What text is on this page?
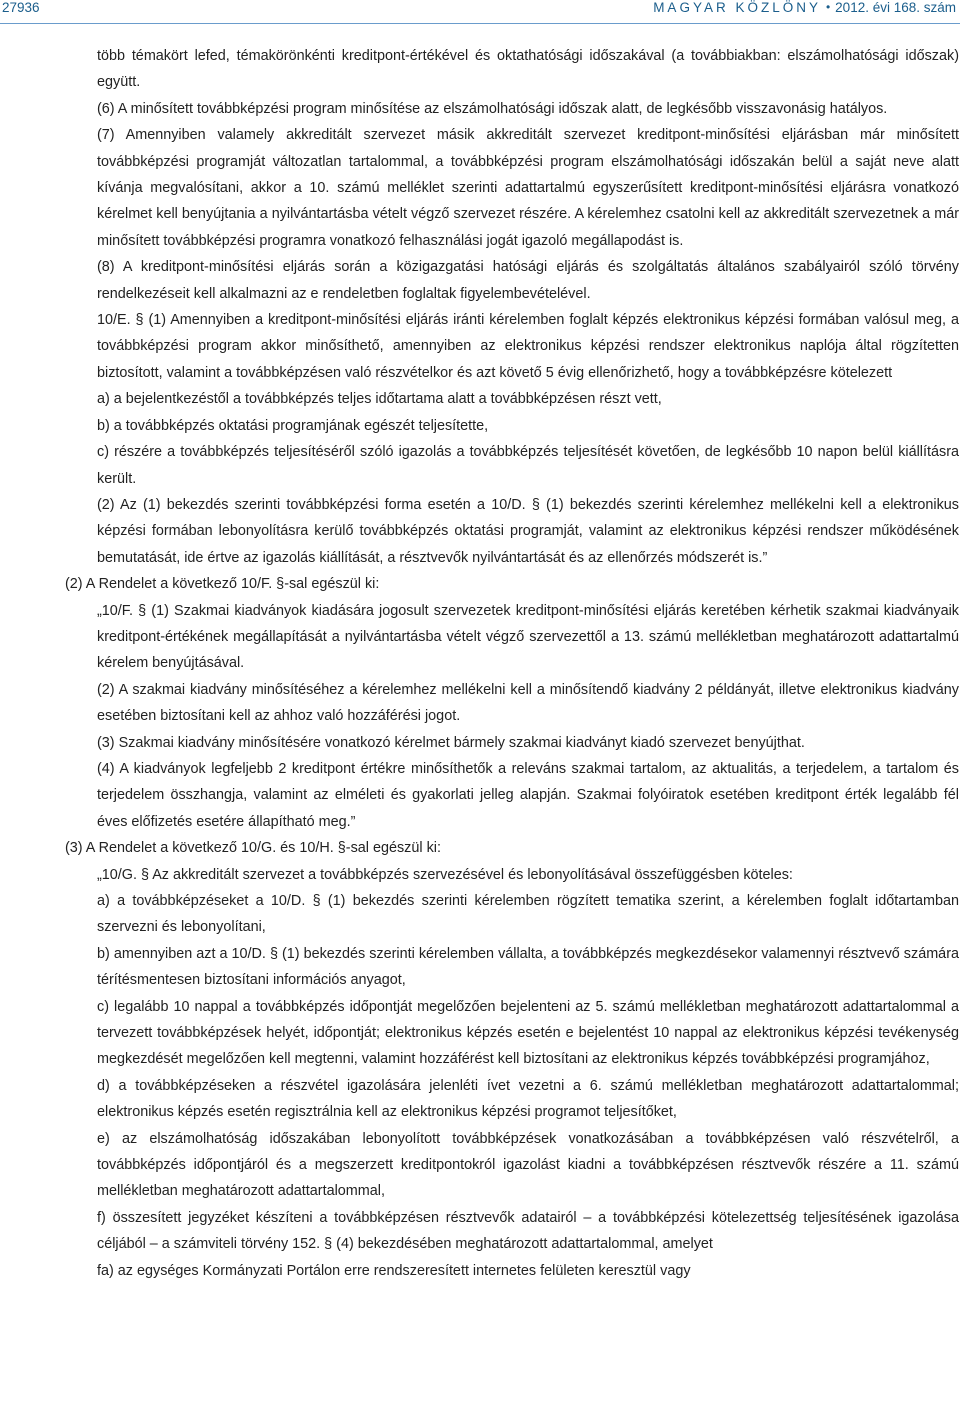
27936	MAGYAR KÖZLÖNY • 2012. évi 168. szám

több témakört lefed, témakörönkénti kreditpont-értékével és oktathatósági időszakával (a továbbiakban: elszámolhatósági időszak) együtt.

(6) A minősített továbbképzési program minősítése az elszámolhatósági időszak alatt, de legkésőbb visszavonásig hatályos.

(7) Amennyiben valamely akkreditált szervezet másik akkreditált szervezet kreditpont-minősítési eljárásban már minősített továbbképzési programját változatlan tartalommal, a továbbképzési program elszámolhatósági időszakán belül a saját neve alatt kívánja megvalósítani, akkor a 10. számú melléklet szerinti adattartalmú egyszerűsített kreditpont-minősítési eljárásra vonatkozó kérelmet kell benyújtania a nyilvántartásba vételt végző szervezet részére. A kérelemhez csatolni kell az akkreditált szervezetnek a már minősített továbbképzési programra vonatkozó felhasználási jogát igazoló megállapodást is.

(8) A kreditpont-minősítési eljárás során a közigazgatási hatósági eljárás és szolgáltatás általános szabályairól szóló törvény rendelkezéseit kell alkalmazni az e rendeletben foglaltak figyelembevételével.

10/E. § (1) Amennyiben a kreditpont-minősítési eljárás iránti kérelemben foglalt képzés elektronikus képzési formában valósul meg, a továbbképzési program akkor minősíthető, amennyiben az elektronikus képzési rendszer elektronikus naplója által rögzítetten biztosított, valamint a továbbképzésen való részvételkor és azt követő 5 évig ellenőrizhető, hogy a továbbképzésre kötelezett

a) a bejelentkezéstől a továbbképzés teljes időtartama alatt a továbbképzésen részt vett,

b) a továbbképzés oktatási programjának egészét teljesítette,

c) részére a továbbképzés teljesítéséről szóló igazolás a továbbképzés teljesítését követően, de legkésőbb 10 napon belül kiállításra került.

(2) Az (1) bekezdés szerinti továbbképzési forma esetén a 10/D. § (1) bekezdés szerinti kérelemhez mellékelni kell a elektronikus képzési formában lebonyolításra kerülő továbbképzés oktatási programját, valamint az elektronikus képzési rendszer működésének bemutatását, ide értve az igazolás kiállítását, a résztvevők nyilvántartását és az ellenőrzés módszerét is.”

(2) A Rendelet a következő 10/F. §-sal egészül ki:

„10/F. § (1) Szakmai kiadványok kiadására jogosult szervezetek kreditpont-minősítési eljárás keretében kérhetik szakmai kiadványaik kreditpont-értékének megállapítását a nyilvántartásba vételt végző szervezettől a 13. számú mellékletban meghatározott adattartalmú kérelem benyújtásával.

(2) A szakmai kiadvány minősítéséhez a kérelemhez mellékelni kell a minősítendő kiadvány 2 példányát, illetve elektronikus kiadvány esetében biztosítani kell az ahhoz való hozzáférési jogot.

(3) Szakmai kiadvány minősítésére vonatkozó kérelmet bármely szakmai kiadványt kiadó szervezet benyújthat.

(4) A kiadványok legfeljebb 2 kreditpont értékre minősíthetők a releváns szakmai tartalom, az aktualitás, a terjedelem, a tartalom és terjedelem összhangja, valamint az elméleti és gyakorlati jelleg alapján. Szakmai folyóiratok esetében kreditpont érték legalább fél éves előfizetés esetére állapítható meg.”

(3) A Rendelet a következő 10/G. és 10/H. §-sal egészül ki:

„10/G. § Az akkreditált szervezet a továbbképzés szervezésével és lebonyolításával összefüggésben köteles:

a) a továbbképzéseket a 10/D. § (1) bekezdés szerinti kérelemben rögzített tematika szerint, a kérelemben foglalt időtartamban szervezni és lebonyolítani,

b) amennyiben azt a 10/D. § (1) bekezdés szerinti kérelemben vállalta, a továbbképzés megkezdésekor valamennyi résztvevő számára térítésmentesen biztosítani információs anyagot,

c) legalább 10 nappal a továbbképzés időpontját megelőzően bejelenteni az 5. számú mellékletban meghatározott adattartalommal a tervezett továbbképzések helyét, időpontját; elektronikus képzés esetén e bejelentést 10 nappal az elektronikus képzési tevékenység megkezdését megelőzően kell megtenni, valamint hozzáférést kell biztosítani az elektronikus képzés továbbképzési programjához,

d) a továbbképzéseken a részvétel igazolására jelenléti ívet vezetni a 6. számú mellékletban meghatározott adattartalommal; elektronikus képzés esetén regisztrálnia kell az elektronikus képzési programot teljesítőket,

e) az elszámolhatóság időszakában lebonyolított továbbképzések vonatkozásában a továbbképzésen való részvételről, a továbbképzés időpontjáról és a megszerzett kreditpontokról igazolást kiadni a továbbképzésen résztvevők részére a 11. számú mellékletban meghatározott adattartalommal,

f) összesített jegyzéket készíteni a továbbképzésen résztvevők adatairól – a továbbképzési kötelezettség teljesítésének igazolása céljából – a számviteli törvény 152. § (4) bekezdésében meghatározott adattartalommal, amelyet

fa) az egységes Kormányzati Portálon erre rendszeresített internetes felületen keresztül vagy
